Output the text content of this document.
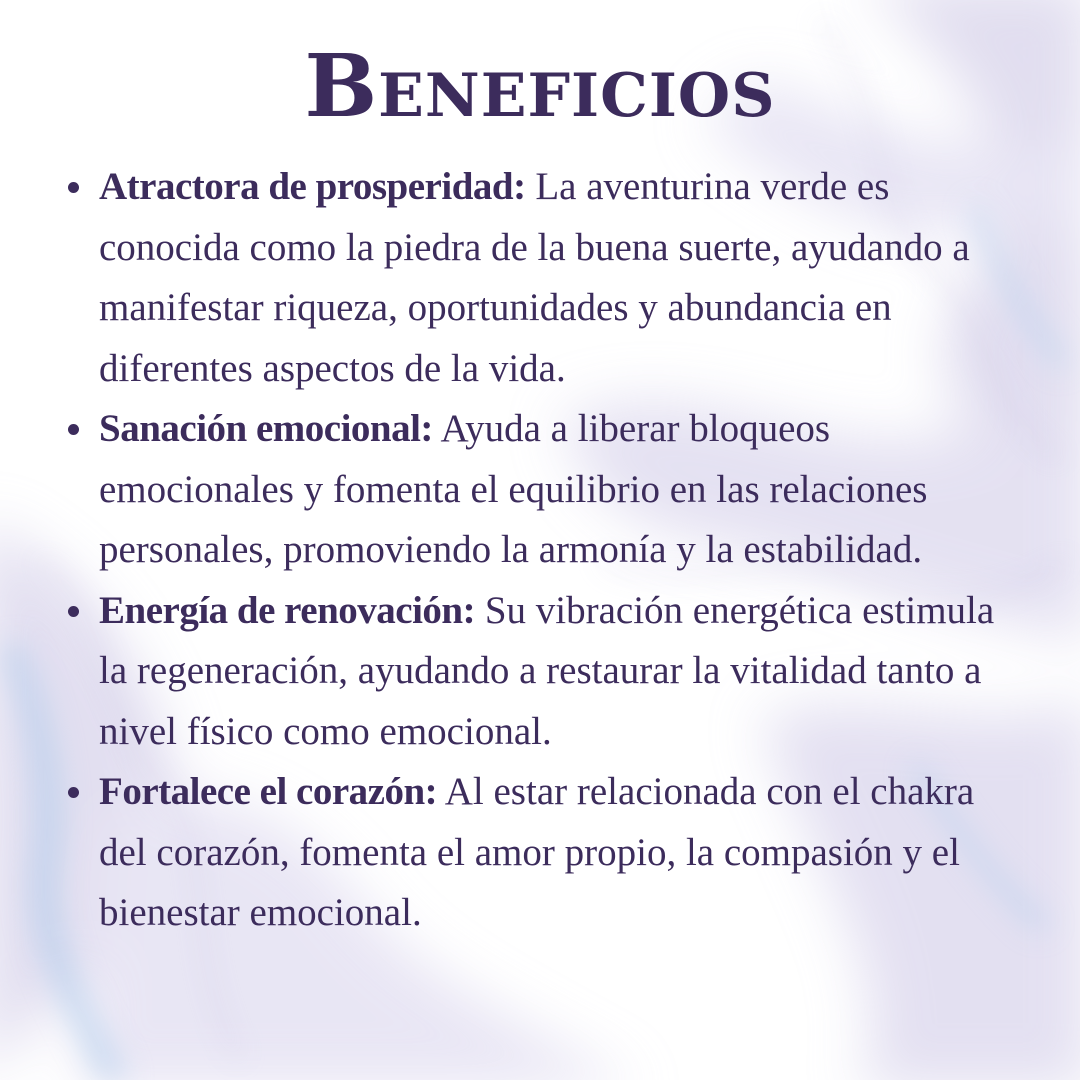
Beneficios
Atractora de prosperidad: La aventurina verde es conocida como la piedra de la buena suerte, ayudando a manifestar riqueza, oportunidades y abundancia en diferentes aspectos de la vida.
Sanación emocional: Ayuda a liberar bloqueos emocionales y fomenta el equilibrio en las relaciones personales, promoviendo la armonía y la estabilidad.
Energía de renovación: Su vibración energética estimula la regeneración, ayudando a restaurar la vitalidad tanto a nivel físico como emocional.
Fortalece el corazón: Al estar relacionada con el chakra del corazón, fomenta el amor propio, la compasión y el bienestar emocional.
